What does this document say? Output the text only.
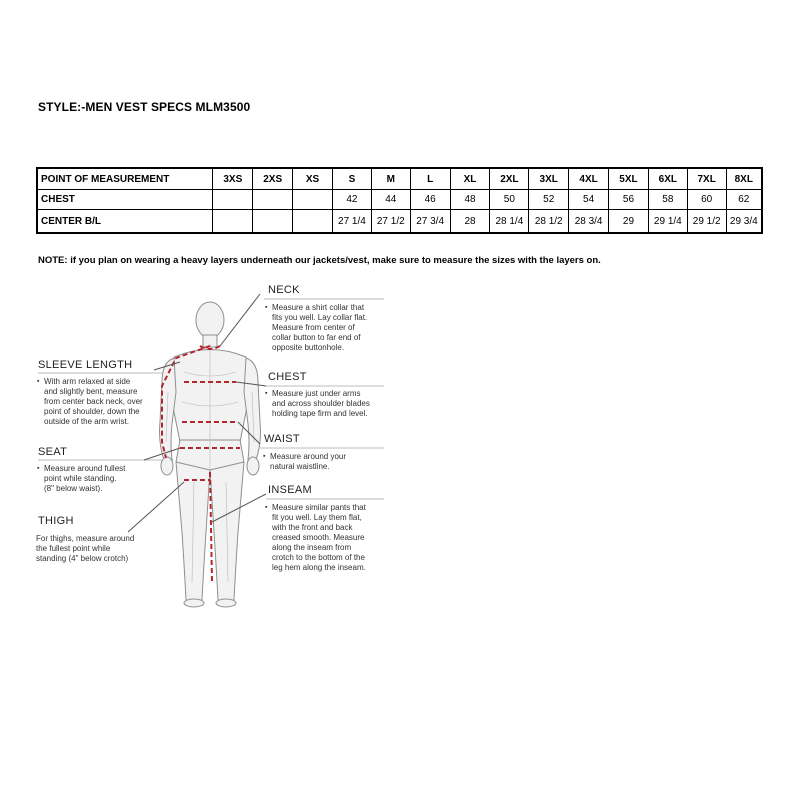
STYLE:-MEN VEST SPECS MLM3500
POINT OF MEASUREMENT	3XS	2XS	XS	S	M	L	XL	2XL	3XL	4XL	5XL	6XL	7XL	8XL
CHEST				42	44	46	48	50	52	54	56	58	60	62
CENTER B/L				27 1/4	27 1/2	27 3/4	28	28 1/4	28 1/2	28 3/4	29	29 1/4	29 1/2	29 3/4
NOTE: if you plan on wearing a heavy layers underneath our jackets/vest, make sure to measure the sizes with the layers on.
NECK
▪ Measure a shirt collar that
fits you well. Lay collar flat.
Measure from center of
collar button to far end of
opposite buttonhole.
CHEST
▪ Measure just under arms
and across shoulder blades
holding tape firm and level.
WAIST
▪ Measure around your
natural waistline.
INSEAM
▪ Measure similar pants that
fit you well. Lay them flat,
with the front and back
creased smooth. Measure
along the inseam from
crotch to the bottom of the
leg hem along the inseam.
SLEEVE LENGTH
▪ With arm relaxed at side
and slightly bent, measure
from center back neck, over
point of shoulder, down the
outside of the arm wrist.
SEAT
▪ Measure around fullest
point while standing.
(8" below waist).
THIGH
For thighs, measure around
the fullest point while
standing (4" below crotch)
